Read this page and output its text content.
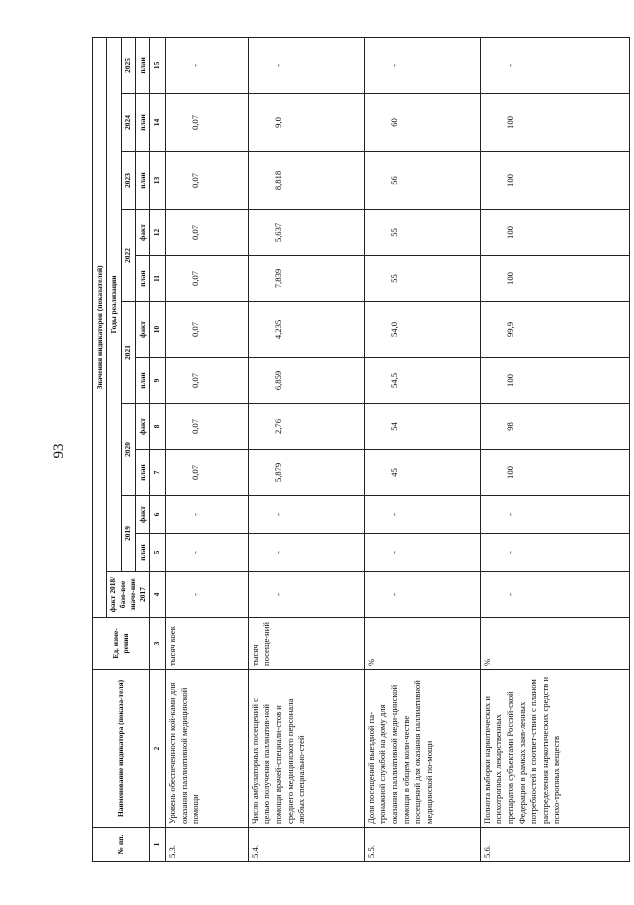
93
№ пп.	Наименование индикатора (показа-теля)	Ед. изме-рения	Значения индикаторов (показателей)											
			факт 2018/базо-вое значе-ние 2017	Годы реализации										
				2019		2020		2021		2022		2023	2024	2025
				план	факт	план	факт	план	факт	план	факт	план	план	план
1	2	3	4	5	6	7	8	9	10	11	12	13	14	15
5.3.	Уровень обеспеченности кой-ками для оказания паллиативной медицинской помощи	тысяч коек	-	-	-	0,07	0,07	0,07	0,07	0,07	0,07	0,07	0,07	-
5.4.	Число амбулаторных посещений с целью получения паллиатив-ной помощи врачей-специали-стов и среднего медицинского персонала любых специально-стей	тысяч посеще-ний	-	-	-	5,879	2,76	6,859	4,235	7,839	5,637	8,818	9,0	-
5.5.	Доля посещений выездной па-тронажной службой на дому для оказания паллиативной меди-цинской помощи в общем коли-честве посещений для оказания паллиативной медицинской по-мощи	%	-	-	-	45	54	54,5	54,0	55	55	56	60	-
5.6.	Полнота выборки наркотических и психотропных лекарственных препаратов субъектами Россий-ской Федерации в рамках заяв-ленных потребностей в соответ-ствии с планом распределения наркотических средств и психо-тропных веществ	%	-	-	-	100	98	100	99,9	100	100	100	100	-
